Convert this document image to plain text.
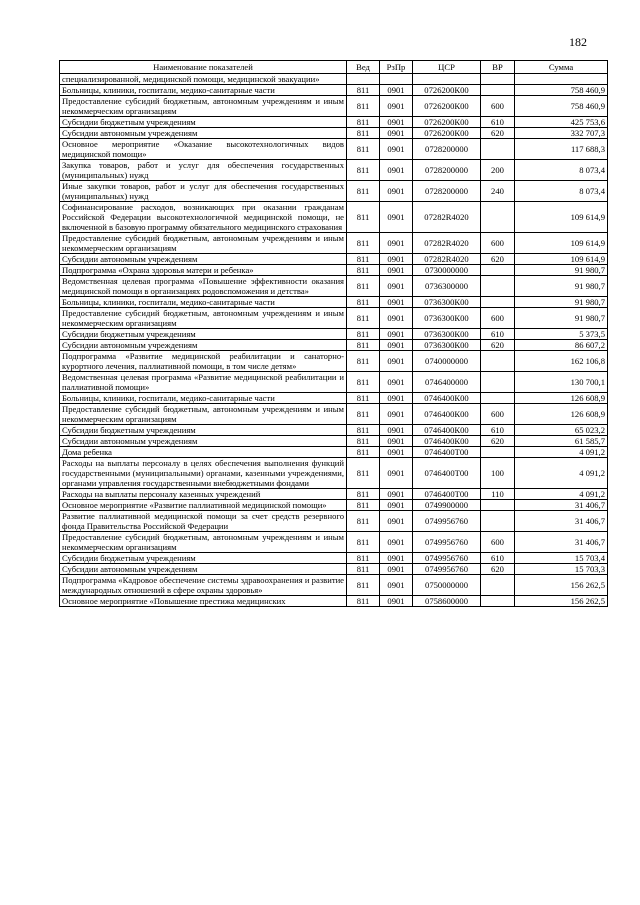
182
Наименование показателей	Вед	РзПр	ЦСР	ВР	Сумма
специализированной, медицинской помощи, медицинской эвакуации»					
Больницы, клиники, госпитали, медико-санитарные части	811	0901	0726200К00		758 460,9
Предоставление субсидий бюджетным, автономным учреждениям и иным некоммерческим организациям	811	0901	0726200К00	600	758 460,9
Субсидии бюджетным учреждениям	811	0901	0726200К00	610	425 753,6
Субсидии автономным учреждениям	811	0901	0726200К00	620	332 707,3
Основное мероприятие «Оказание высокотехнологичных видов медицинской помощи»	811	0901	0728200000		117 688,3
Закупка товаров, работ и услуг для обеспечения государственных (муниципальных) нужд	811	0901	0728200000	200	8 073,4
Иные закупки товаров, работ и услуг для обеспечения государственных (муниципальных) нужд	811	0901	0728200000	240	8 073,4
Софинансирование расходов, возникающих при оказании гражданам Российской Федерации высокотехнологичной медицинской помощи, не включенной в базовую программу обязательного медицинского страхования	811	0901	07282R4020		109 614,9
Предоставление субсидий бюджетным, автономным учреждениям и иным некоммерческим организациям	811	0901	07282R4020	600	109 614,9
Субсидии автономным учреждениям	811	0901	07282R4020	620	109 614,9
Подпрограмма «Охрана здоровья матери и ребенка»	811	0901	0730000000		91 980,7
Ведомственная целевая программа «Повышение эффективности оказания медицинской помощи в организациях родовспоможения и детства»	811	0901	0736300000		91 980,7
Больницы, клиники, госпитали, медико-санитарные части	811	0901	0736300К00		91 980,7
Предоставление субсидий бюджетным, автономным учреждениям и иным некоммерческим организациям	811	0901	0736300К00	600	91 980,7
Субсидии бюджетным учреждениям	811	0901	0736300К00	610	5 373,5
Субсидии автономным учреждениям	811	0901	0736300К00	620	86 607,2
Подпрограмма «Развитие медицинской реабилитации и санаторно-курортного лечения, паллиативной помощи, в том числе детям»	811	0901	0740000000		162 106,8
Ведомственная целевая программа «Развитие медицинской реабилитации и паллиативной помощи»	811	0901	0746400000		130 700,1
Больницы, клиники, госпитали, медико-санитарные части	811	0901	0746400К00		126 608,9
Предоставление субсидий бюджетным, автономным учреждениям и иным некоммерческим организациям	811	0901	0746400К00	600	126 608,9
Субсидии бюджетным учреждениям	811	0901	0746400К00	610	65 023,2
Субсидии автономным учреждениям	811	0901	0746400К00	620	61 585,7
Дома ребенка	811	0901	0746400Т00		4 091,2
Расходы на выплаты персоналу в целях обеспечения выполнения функций государственными (муниципальными) органами, казенными учреждениями, органами управления государственными внебюджетными фондами	811	0901	0746400Т00	100	4 091,2
Расходы на выплаты персоналу казенных учреждений	811	0901	0746400Т00	110	4 091,2
Основное мероприятие «Развитие паллиативной медицинской помощи»	811	0901	0749900000		31 406,7
Развитие паллиативной медицинской помощи за счет средств резервного фонда Правительства Российской Федерации	811	0901	0749956760		31 406,7
Предоставление субсидий бюджетным, автономным учреждениям и иным некоммерческим организациям	811	0901	0749956760	600	31 406,7
Субсидии бюджетным учреждениям	811	0901	0749956760	610	15 703,4
Субсидии автономным учреждениям	811	0901	0749956760	620	15 703,3
Подпрограмма «Кадровое обеспечение системы здравоохранения и развитие международных отношений в сфере охраны здоровья»	811	0901	0750000000		156 262,5
Основное мероприятие «Повышение престижа медицинских	811	0901	0758600000		156 262,5
